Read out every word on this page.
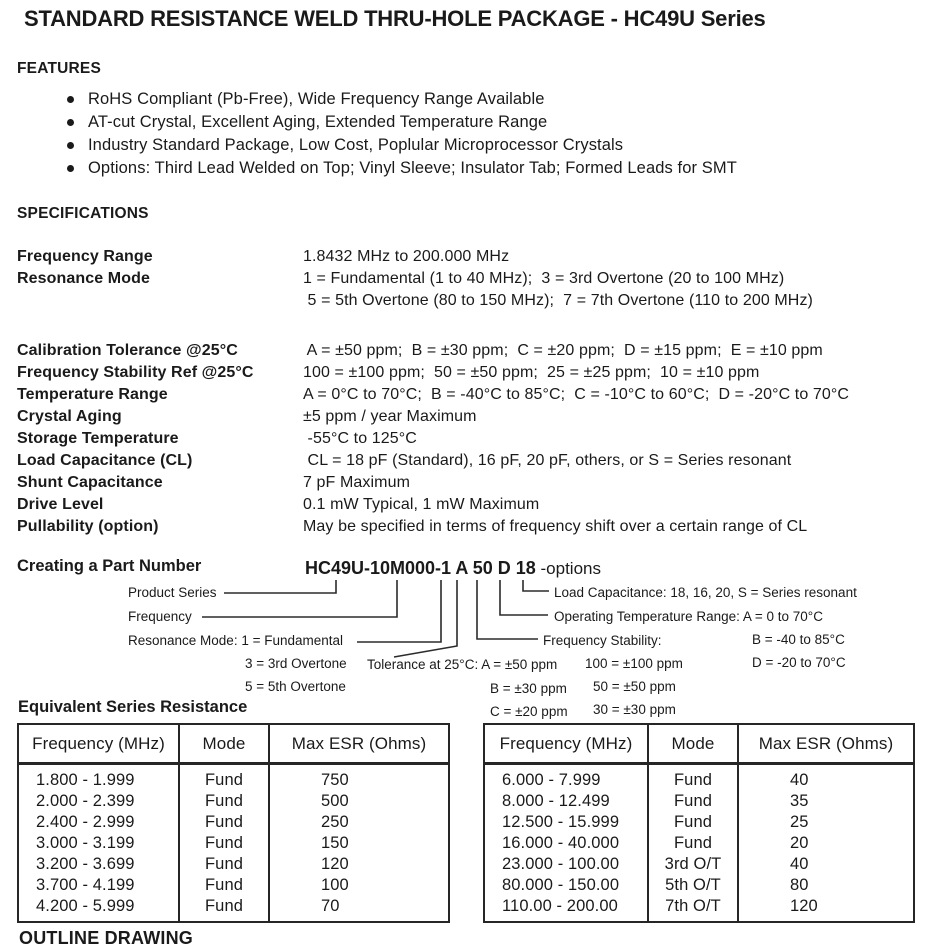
STANDARD RESISTANCE WELD THRU-HOLE PACKAGE - HC49U Series
FEATURES
RoHS Compliant (Pb-Free), Wide Frequency Range Available
AT-cut Crystal, Excellent Aging, Extended Temperature Range
Industry Standard Package, Low Cost, Poplular Microprocessor Crystals
Options: Third Lead Welded on Top; Vinyl Sleeve; Insulator Tab; Formed Leads for SMT
SPECIFICATIONS
Frequency Range	1.8432 MHz to 200.000 MHz
Resonance Mode	1 = Fundamental (1 to 40 MHz);  3 = 3rd Overtone (20 to 100 MHz)
5 = 5th Overtone (80 to 150 MHz);  7 = 7th Overtone (110 to 200 MHz)
Calibration Tolerance @25°C	A = ±50 ppm;  B = ±30 ppm;  C = ±20 ppm;  D = ±15 ppm;  E = ±10 ppm
Frequency Stability Ref @25°C	100 = ±100 ppm;  50 = ±50 ppm;  25 = ±25 ppm;  10 = ±10 ppm
Temperature Range	A = 0°C to 70°C;  B = -40°C to 85°C;  C = -10°C to 60°C;  D = -20°C to 70°C
Crystal Aging	±5 ppm / year Maximum
Storage Temperature	-55°C to 125°C
Load Capacitance (CL)	CL = 18 pF (Standard), 16 pF, 20 pF, others, or S = Series resonant
Shunt Capacitance	7 pF Maximum
Drive Level	0.1 mW Typical, 1 mW Maximum
Pullability (option)	May be specified in terms of frequency shift over a certain range of CL
Creating a Part Number	HC49U-10M000-1 A 50 D 18 -options
Product Series
Frequency
Resonance Mode: 1 = Fundamental
3 = 3rd Overtone
5 = 5th Overtone
Tolerance at 25°C: A = ±50 ppm
B = ±30 ppm
C = ±20 ppm
Frequency Stability:
100 = ±100 ppm
50 = ±50 ppm
30 = ±30 ppm
Load Capacitance: 18, 16, 20, S = Series resonant
Operating Temperature Range: A = 0 to 70°C
B = -40 to 85°C
D = -20 to 70°C
Equivalent Series Resistance
Frequency (MHz)	Mode	Max ESR (Ohms)
1.800 - 1.999	Fund	750
2.000 - 2.399	Fund	500
2.400 - 2.999	Fund	250
3.000 - 3.199	Fund	150
3.200 - 3.699	Fund	120
3.700 - 4.199	Fund	100
4.200 - 5.999	Fund	70
Frequency (MHz)	Mode	Max ESR (Ohms)
6.000 - 7.999	Fund	40
8.000 - 12.499	Fund	35
12.500 - 15.999	Fund	25
16.000 - 40.000	Fund	20
23.000 - 100.00	3rd O/T	40
80.000 - 150.00	5th O/T	80
110.00 - 200.00	7th O/T	120
OUTLINE DRAWING
